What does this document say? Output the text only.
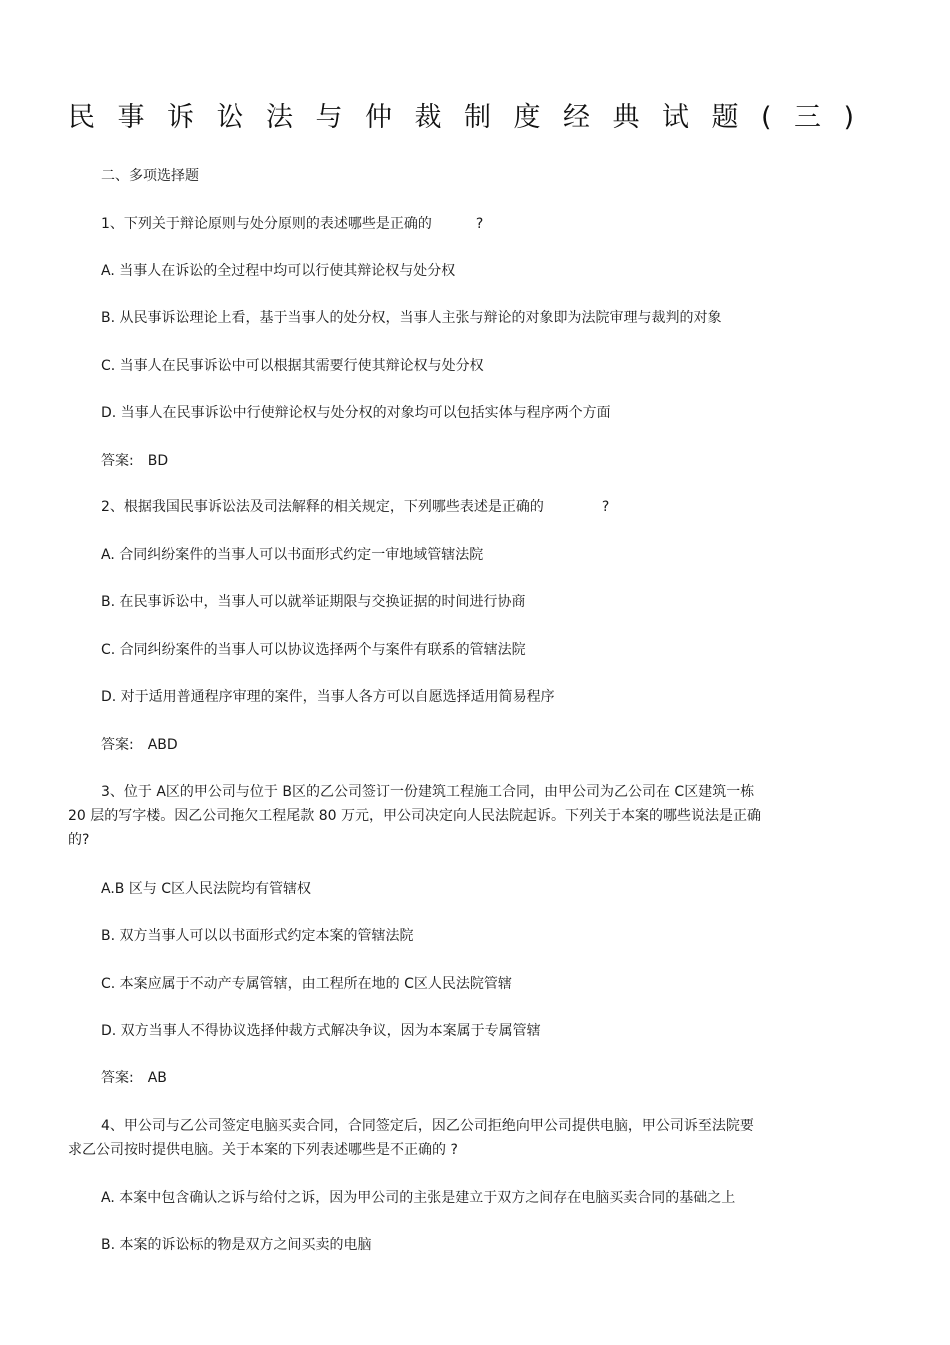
民事诉讼法与仲裁制度经典试题(三)
二、多项选择题
1、下列关于辩论原则与处分原则的表述哪些是正确的	?
A. 当事人在诉讼的全过程中均可以行使其辩论权与处分权
B. 从民事诉讼理论上看，基于当事人的处分权，当事人主张与辩论的对象即为法院审理与裁判的对象
C. 当事人在民事诉讼中可以根据其需要行使其辩论权与处分权
D. 当事人在民事诉讼中行使辩论权与处分权的对象均可以包括实体与程序两个方面
答案: BD
2、根据我国民事诉讼法及司法解释的相关规定，下列哪些表述是正确的	?
A. 合同纠纷案件的当事人可以书面形式约定一审地域管辖法院
B. 在民事诉讼中，当事人可以就举证期限与交换证据的时间进行协商
C. 合同纠纷案件的当事人可以协议选择两个与案件有联系的管辖法院
D. 对于适用普通程序审理的案件，当事人各方可以自愿选择适用简易程序
答案: ABD
3、位于 A区的甲公司与位于 B区的乙公司签订一份建筑工程施工合同，由甲公司为乙公司在 C区建筑一栋
20 层的写字楼。因乙公司拖欠工程尾款 80 万元，甲公司决定向人民法院起诉。下列关于本案的哪些说法是正确
的?
A.B 区与 C区人民法院均有管辖权
B. 双方当事人可以以书面形式约定本案的管辖法院
C. 本案应属于不动产专属管辖，由工程所在地的 C区人民法院管辖
D. 双方当事人不得协议选择仲裁方式解决争议，因为本案属于专属管辖
答案: AB
4、甲公司与乙公司签定电脑买卖合同，合同签定后，因乙公司拒绝向甲公司提供电脑，甲公司诉至法院要
求乙公司按时提供电脑。关于本案的下列表述哪些是不正确的 ?
A. 本案中包含确认之诉与给付之诉，因为甲公司的主张是建立于双方之间存在电脑买卖合同的基础之上
B. 本案的诉讼标的物是双方之间买卖的电脑
